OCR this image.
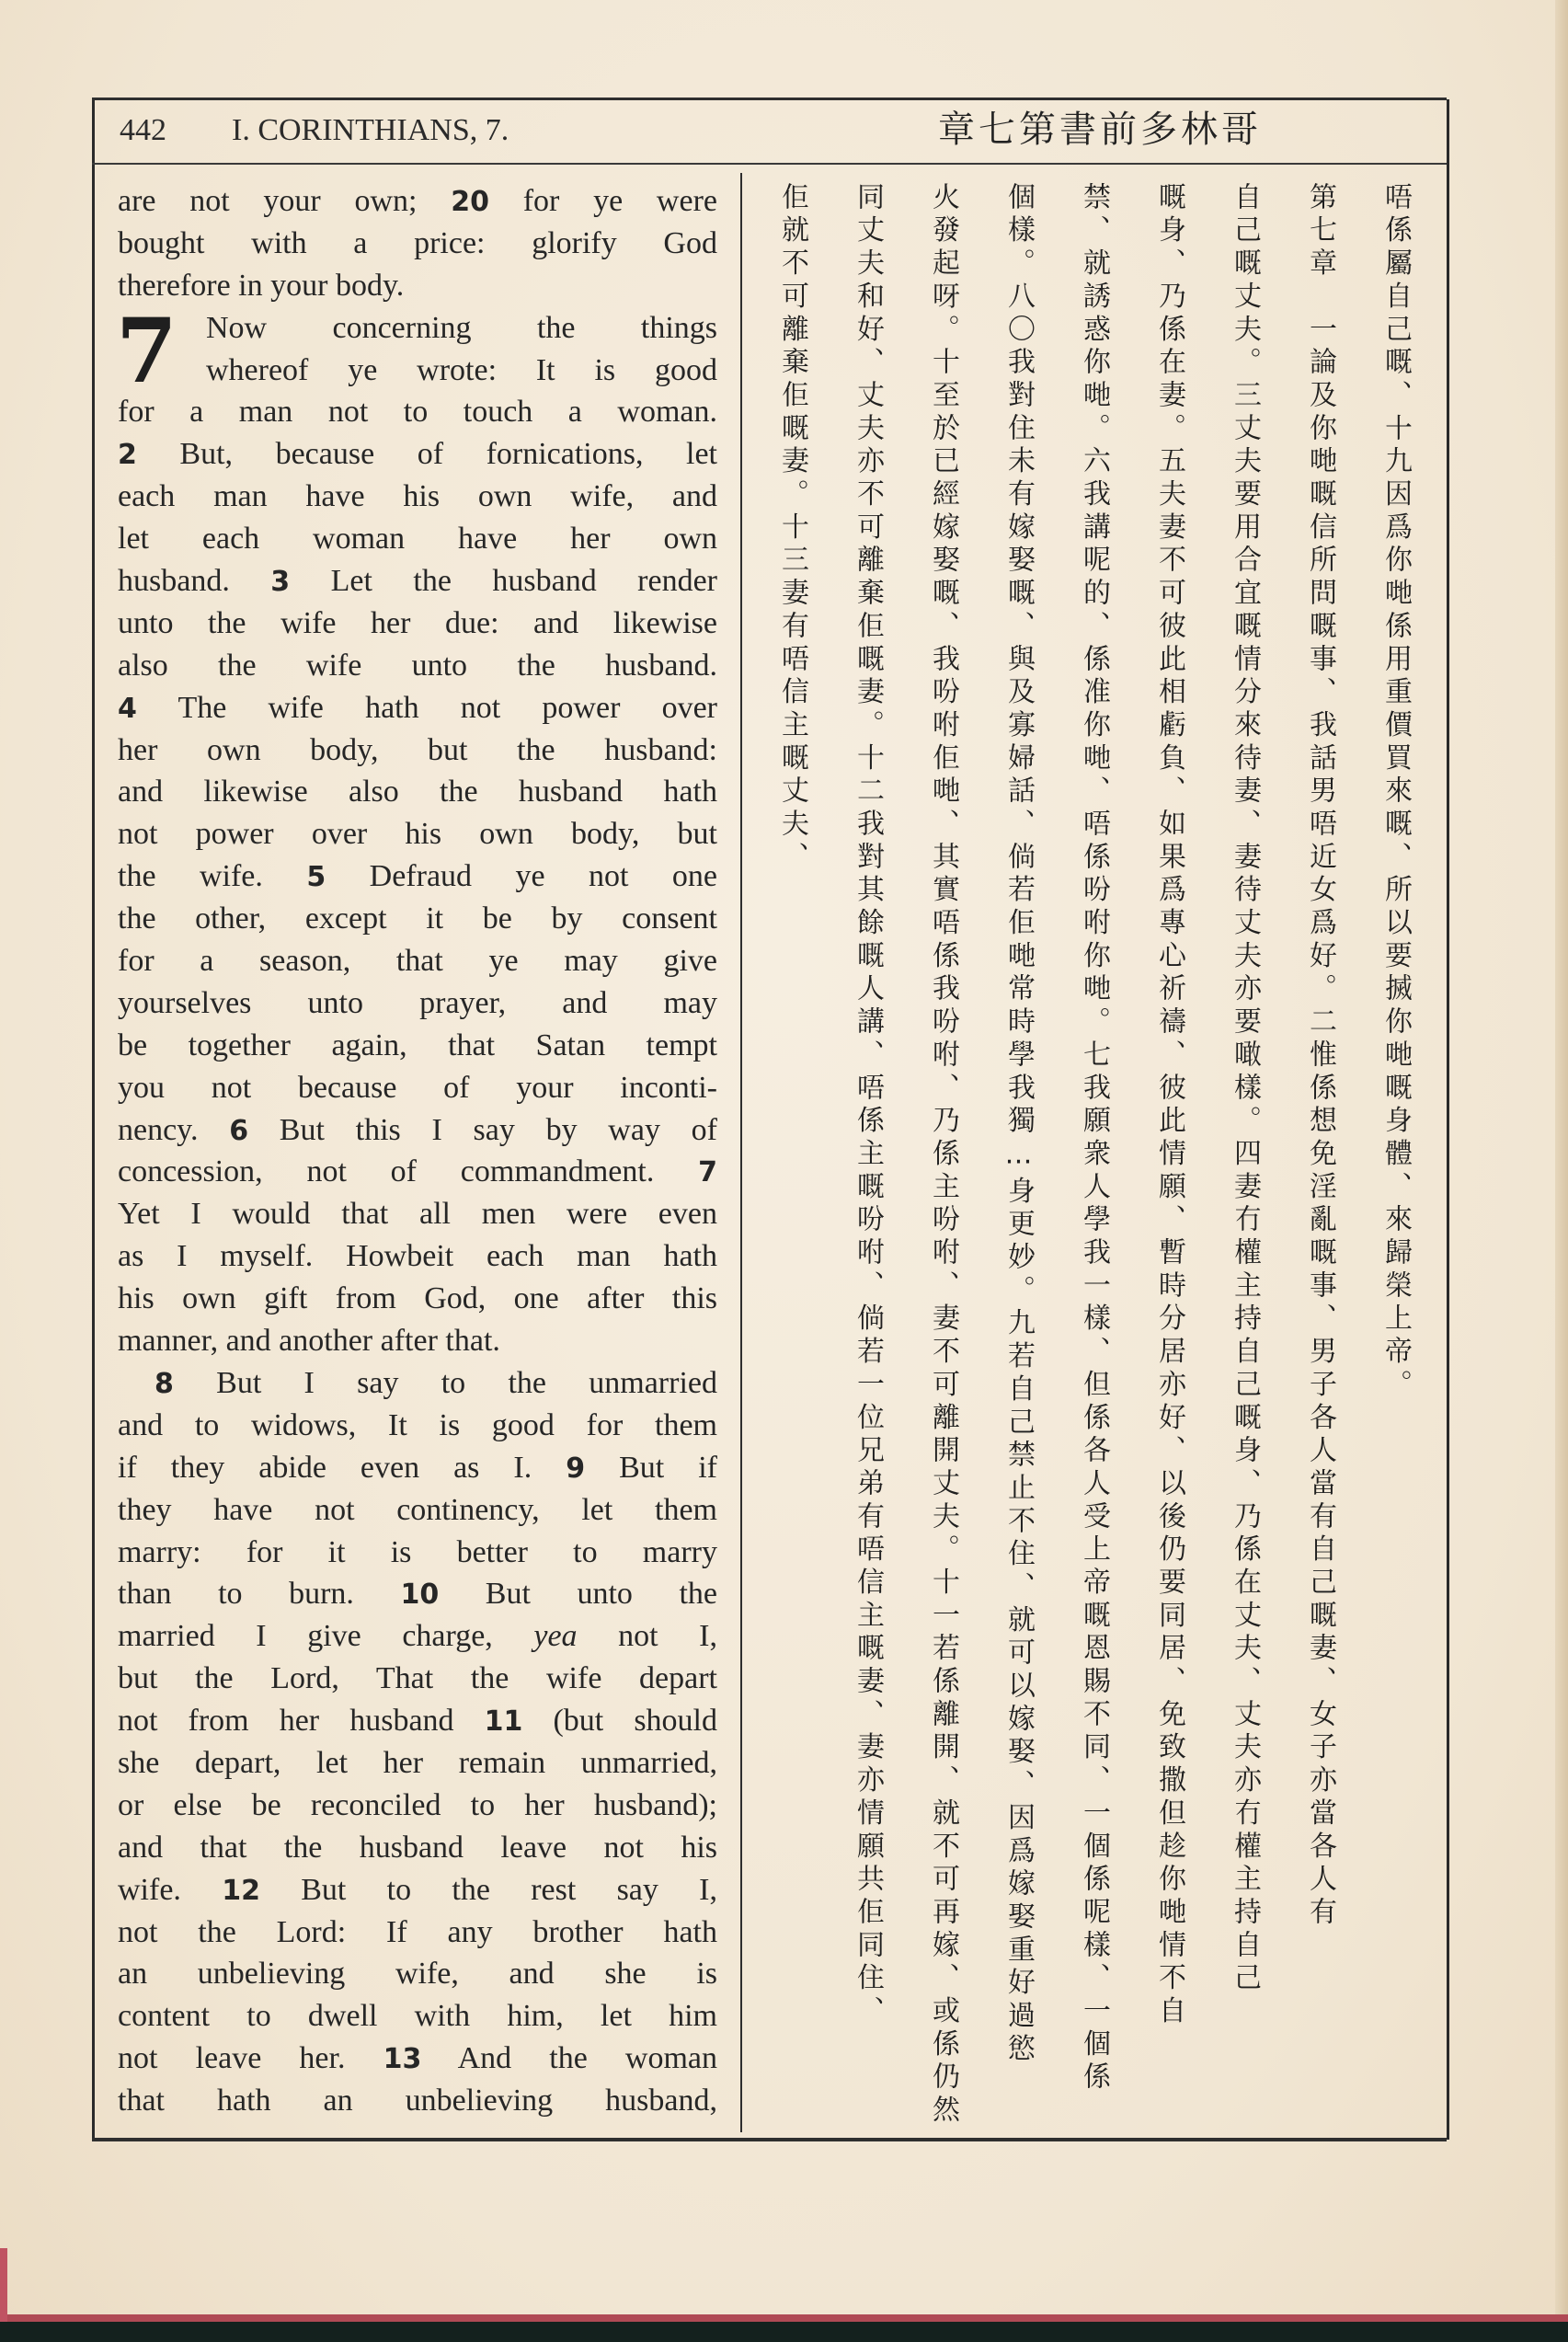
442 I. CORINTHIANS, 7.	章七第書前多林哥
7
are not your own; 20 for ye were
bought with a price: glorify God
therefore in your body.
Now concerning the things
whereof ye wrote: It is good
for a man not to touch a woman.
2 But, because of fornications, let
each man have his own wife, and
let each woman have her own
husband. 3 Let the husband render
unto the wife her due: and likewise
also the wife unto the husband.
4 The wife hath not power over
her own body, but the husband:
and likewise also the husband hath
not power over his own body, but
the wife. 5 Defraud ye not one
the other, except it be by consent
for a season, that ye may give
yourselves unto prayer, and may
be together again, that Satan tempt
you not because of your inconti-
nency. 6 But this I say by way of
concession, not of commandment. 7
Yet I would that all men were even
as I myself. Howbeit each man hath
his own gift from God, one after this
manner, and another after that.
8 But I say to the unmarried
and to widows, It is good for them
if they abide even as I. 9 But if
they have not continency, let them
marry: for it is better to marry
than to burn. 10 But unto the
married I give charge, yea not I,
but the Lord, That the wife depart
not from her husband 11 (but should
she depart, let her remain unmarried,
or else be reconciled to her husband);
and that the husband leave not his
wife. 12 But to the rest say I,
not the Lord: If any brother hath
an unbelieving wife, and she is
content to dwell with him, let him
not leave her. 13 And the woman
that hath an unbelieving husband,
唔係屬自己嘅、〸九因爲你哋係用重價買來嘅、所以要搣你哋嘅身體、來歸榮上帝。
第七章　一論及你哋嘅信所問嘅事、我話男唔近女爲好。二惟係想免淫亂嘅事、男子各人當有自己嘅妻、女子亦當各人有
自己嘅丈夫。三丈夫要用合宜嘅情分來待妻、妻待丈夫亦要噉樣。四妻冇權主持自己嘅身、乃係在丈夫、丈夫亦冇權主持自己
嘅身、乃係在妻。五夫妻不可彼此相虧負、如果爲專心祈禱、彼此情願、暫時分居亦好、以後仍要同居、免致撒但趁你哋情不自
禁、就誘惑你哋。六我講呢的、係准你哋、唔係吩咐你哋。七我願衆人學我一樣、但係各人受上帝嘅恩賜不同、一個係呢樣、一個係
個樣。八〇我對住未有嫁娶嘅、與及寡婦話、倘若佢哋常時學我獨…身更妙。九若自己禁止不住、就可以嫁娶、因爲嫁娶重好過慾
火發起呀。十至於已經嫁娶嘅、我吩咐佢哋、其實唔係我吩咐、乃係主吩咐、妻不可離開丈夫。十一若係離開、就不可再嫁、或係仍然
同丈夫和好、丈夫亦不可離棄佢嘅妻。十二我對其餘嘅人講、唔係主嘅吩咐、倘若一位兄弟有唔信主嘅妻、妻亦情願共佢同住、
佢就不可離棄佢嘅妻。十三妻有唔信主嘅丈夫、
